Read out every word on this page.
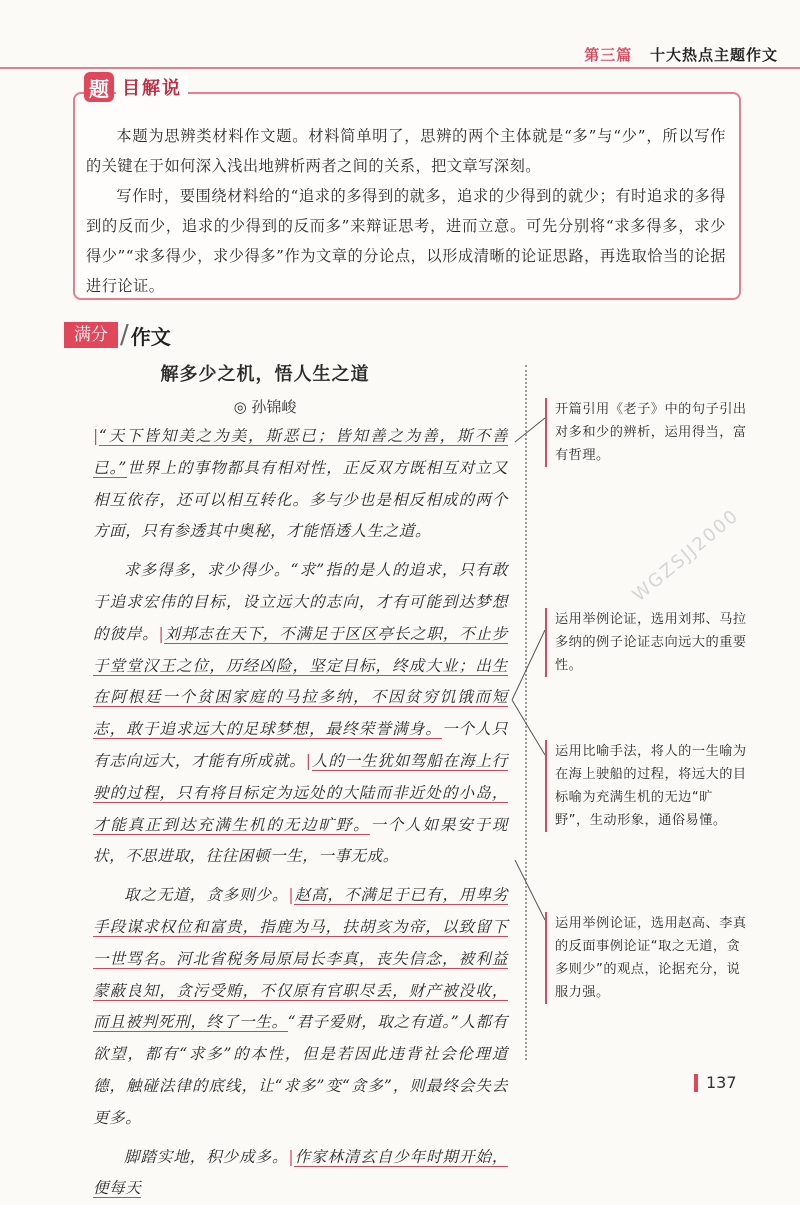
第三篇 十大热点主题作文
题 目解说

本题为思辨类材料作文题。材料简单明了，思辨的两个主体就是“多”与“少”，所以写作的关键在于如何深入浅出地辨析两者之间的关系，把文章写深刻。

写作时，要围绕材料给的“追求的多得到的就多，追求的少得到的就少；有时追求的多得到的反而少，追求的少得到的反而多”来辩证思考，进而立意。可先分别将“求多得多，求少得少”“求多得少，求少得多”作为文章的分论点，以形成清晰的论证思路，再选取恰当的论据进行论证。

满分 / 作文
解多少之机，悟人生之道
◎ 孙锦峻

|“天下皆知美之为美，斯恶已；皆知善之为善，斯不善已。”世界上的事物都具有相对性，正反双方既相互对立又相互依存，还可以相互转化。多与少也是相反相成的两个方面，只有参透其中奥秘，才能悟透人生之道。

求多得多，求少得少。“求”指的是人的追求，只有敢于追求宏伟的目标，设立远大的志向，才有可能到达梦想的彼岸。|刘邦志在天下，不满足于区区亭长之职，不止步于堂堂汉王之位，历经凶险，坚定目标，终成大业；出生在阿根廷一个贫困家庭的马拉多纳，不因贫穷饥饿而短志，敢于追求远大的足球梦想，最终荣誉满身。一个人只有志向远大，才能有所成就。|人的一生犹如驾船在海上行驶的过程，只有将目标定为远处的大陆而非近处的小岛，才能真正到达充满生机的无边旷野。一个人如果安于现状，不思进取，往往困顿一生，一事无成。

取之无道，贪多则少。|赵高，不满足于已有，用卑劣手段谋求权位和富贵，指鹿为马，扶胡亥为帝，以致留下一世骂名。河北省税务局原局长李真，丧失信念，被利益蒙蔽良知，贪污受贿，不仅原有官职尽丢，财产被没收，而且被判死刑，终了一生。“君子爱财，取之有道。”人都有欲望，都有“求多”的本性，但是若因此违背社会伦理道德，触碰法律的底线，让“求多”变“贪多”，则最终会失去更多。

脚踏实地，积少成多。|作家林清玄自少年时期开始，便每天

开篇引用《老子》中的句子引出对多和少的辨析，运用得当，富有哲理。
运用举例论证，选用刘邦、马拉多纳的例子论证志向远大的重要性。
运用比喻手法，将人的一生喻为在海上驶船的过程，将远大的目标喻为充满生机的无边“旷野”，生动形象，通俗易懂。
运用举例论证，选用赵高、李真的反面事例论证“取之无道，贪多则少”的观点，论据充分，说服力强。
WGZSJJ2000
137
